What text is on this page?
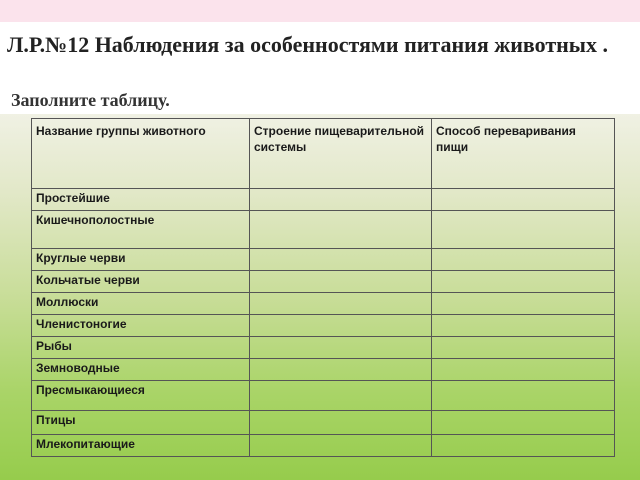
Л.Р.№12 Наблюдения за особенностями питания животных .
Заполните таблицу.
Название группы животного	Строение пищеварительной системы	Способ переваривания пищи
Простейшие		
Кишечнополостные		
Круглые черви		
Кольчатые черви		
Моллюски		
Членистоногие		
Рыбы		
Земноводные		
Пресмыкающиеся		
Птицы		
Млекопитающие		
